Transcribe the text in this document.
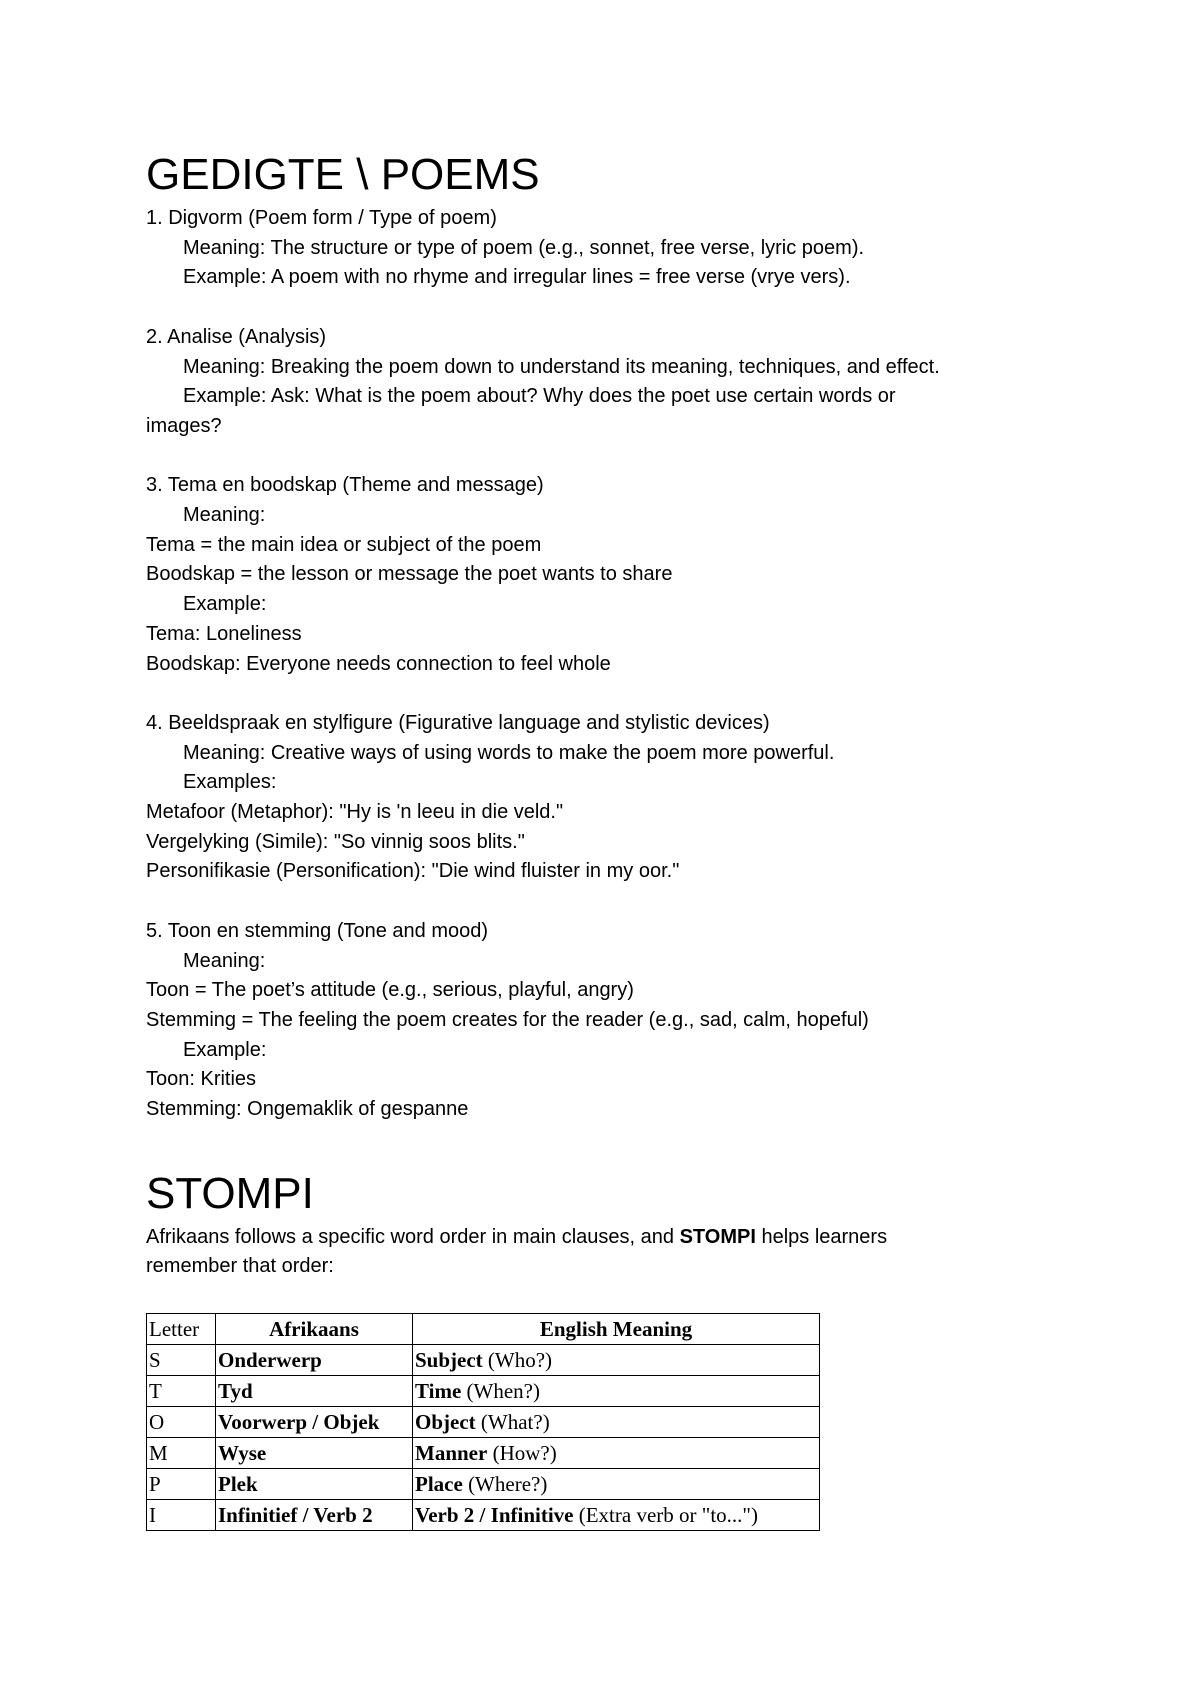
GEDIGTE \ POEMS

1. Digvorm (Poem form / Type of poem)

Meaning: The structure or type of poem (e.g., sonnet, free verse, lyric poem).

Example: A poem with no rhyme and irregular lines = free verse (vrye vers).

2. Analise (Analysis)

Meaning: Breaking the poem down to understand its meaning, techniques, and effect.

Example: Ask: What is the poem about? Why does the poet use certain words or

images?

3. Tema en boodskap (Theme and message)

Meaning:

Tema = the main idea or subject of the poem

Boodskap = the lesson or message the poet wants to share

Example:

Tema: Loneliness

Boodskap: Everyone needs connection to feel whole

4. Beeldspraak en stylfigure (Figurative language and stylistic devices)

Meaning: Creative ways of using words to make the poem more powerful.

Examples:

Metafoor (Metaphor): "Hy is 'n leeu in die veld."

Vergelyking (Simile): "So vinnig soos blits."

Personifikasie (Personification): "Die wind fluister in my oor."

5. Toon en stemming (Tone and mood)

Meaning:

Toon = The poet’s attitude (e.g., serious, playful, angry)

Stemming = The feeling the poem creates for the reader (e.g., sad, calm, hopeful)

Example:

Toon: Krities

Stemming: Ongemaklik of gespanne

STOMPI

Afrikaans follows a specific word order in main clauses, and STOMPI helps learners remember that order:

Letter	Afrikaans	English Meaning
S	Onderwerp	Subject (Who?)
T	Tyd	Time (When?)
O	Voorwerp / Objek	Object (What?)
M	Wyse	Manner (How?)
P	Plek	Place (Where?)
I	Infinitief / Verb 2	Verb 2 / Infinitive (Extra verb or "to...")
